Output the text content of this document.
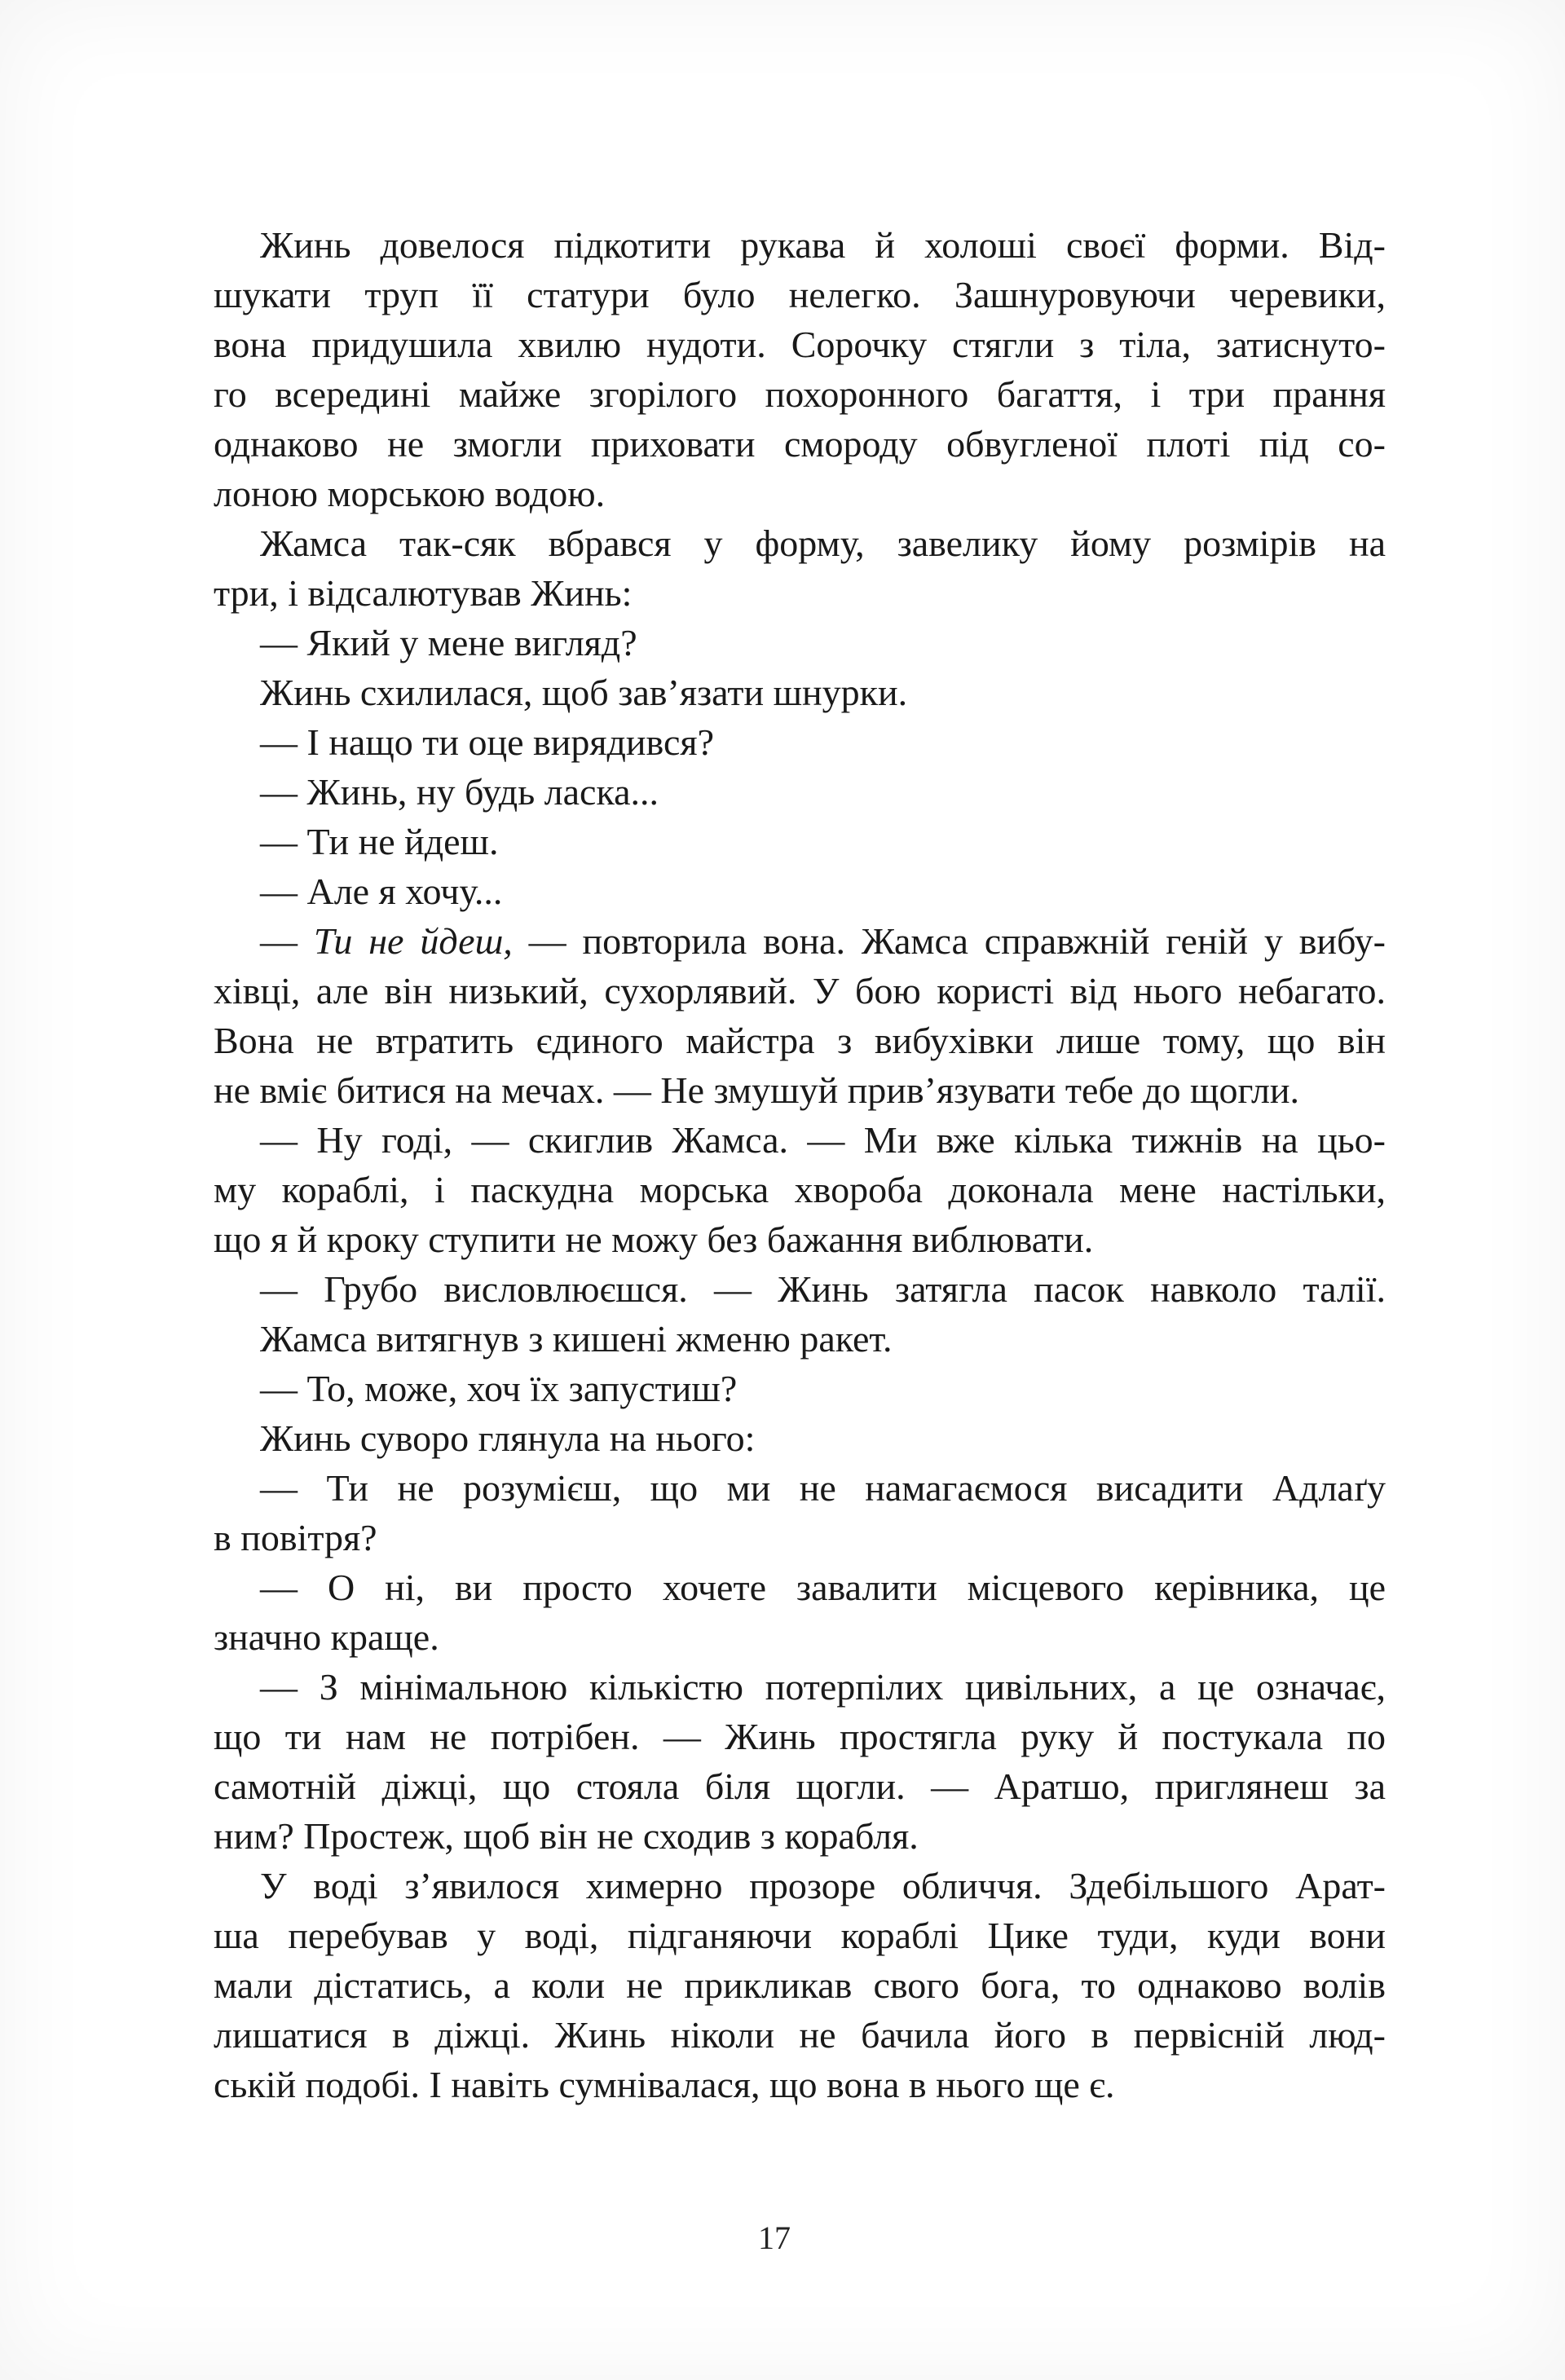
Жинь довелося підкотити рукава й холоші своєї форми. Від-
шукати труп її статури було нелегко. Зашнуровуючи черевики,
вона придушила хвилю нудоти. Сорочку стягли з тіла, затиснуто-
го всередині майже згорілого похоронного багаття, і три прання
однаково не змогли приховати смороду обвугленої плоті під со-
лоною морською водою.
Жамса так-сяк вбрався у форму, завелику йому розмірів на
три, і відсалютував Жинь:
— Який у мене вигляд?
Жинь схилилася, щоб зав’язати шнурки.
— І нащо ти оце вирядився?
— Жинь, ну будь ласка...
— Ти не йдеш.
— Але я хочу...
— Ти не йдеш, — повторила вона. Жамса справжній геній у вибу-
хівці, але він низький, сухорлявий. У бою користі від нього небагато.
Вона не втратить єдиного майстра з вибухівки лише тому, що він
не вміє битися на мечах. — Не змушуй прив’язувати тебе до щогли.
— Ну годі, — скиглив Жамса. — Ми вже кілька тижнів на цьо-
му кораблі, і паскудна морська хвороба доконала мене настільки,
що я й кроку ступити не можу без бажання виблювати.
— Грубо висловлюєшся. — Жинь затягла пасок навколо талії.
Жамса витягнув з кишені жменю ракет.
— То, може, хоч їх запустиш?
Жинь суворо глянула на нього:
— Ти не розумієш, що ми не намагаємося висадити Адлаґу
в повітря?
— О ні, ви просто хочете завалити місцевого керівника, це
значно краще.
— З мінімальною кількістю потерпілих цивільних, а це означає,
що ти нам не потрібен. — Жинь простягла руку й постукала по
самотній діжці, що стояла біля щогли. — Аратшо, приглянеш за
ним? Простеж, щоб він не сходив з корабля.
У воді з’явилося химерно прозоре обличчя. Здебільшого Арат-
ша перебував у воді, підганяючи кораблі Цике туди, куди вони
мали дістатись, а коли не прикликав свого бога, то однаково волів
лишатися в діжці. Жинь ніколи не бачила його в первісній люд-
ській подобі. І навіть сумнівалася, що вона в нього ще є.
17
